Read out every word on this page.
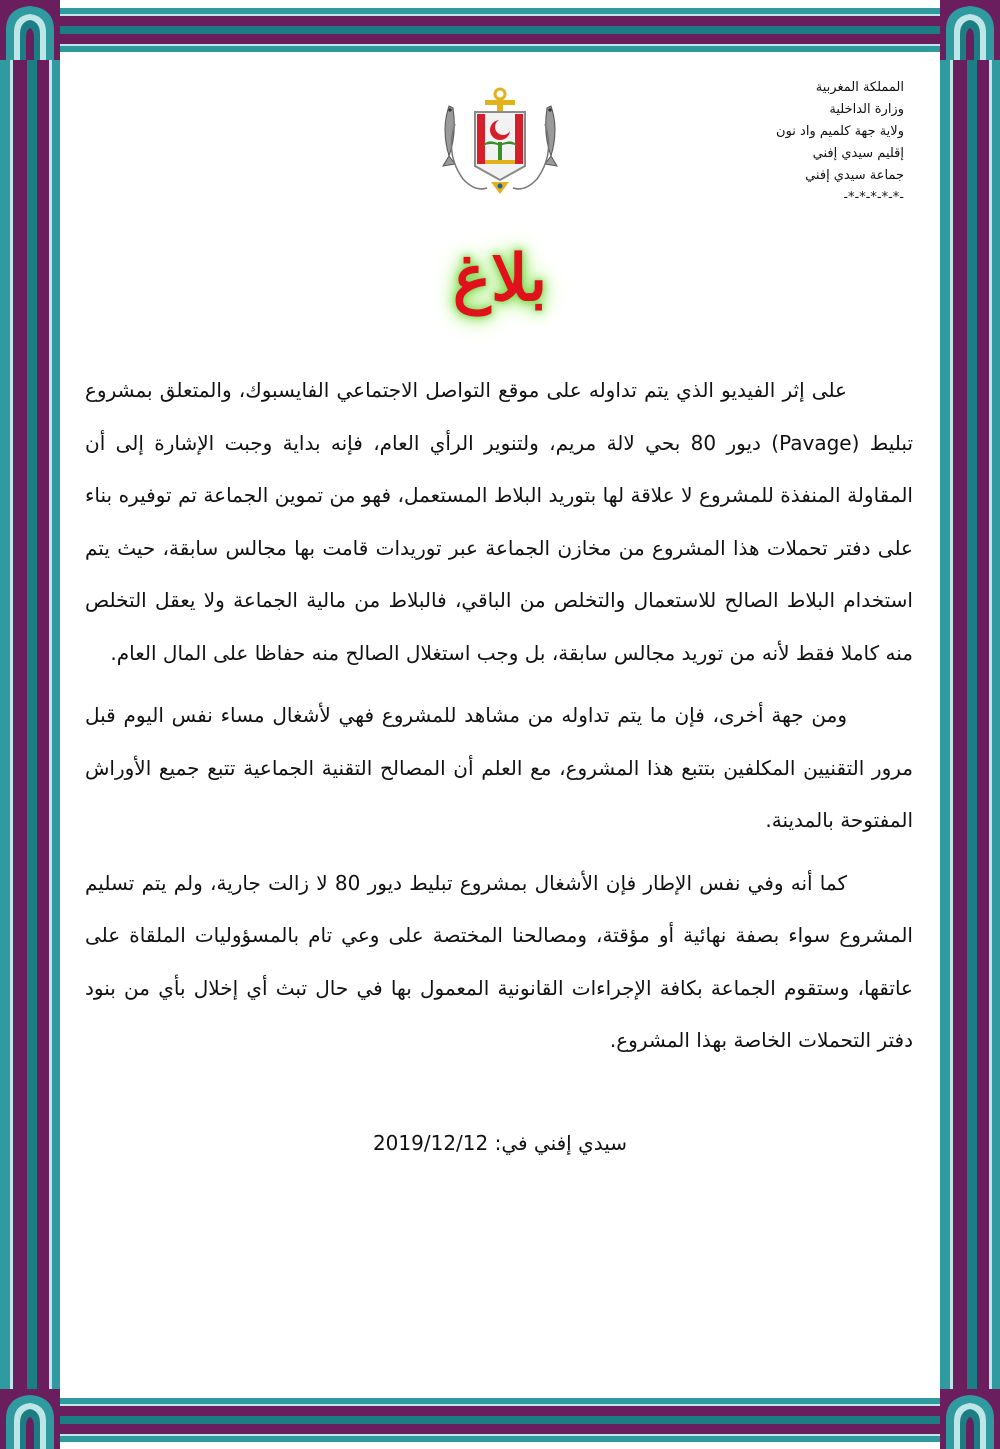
المملكة المغربية
وزارة الداخلية
ولاية جهة كلميم واد نون
إقليم سيدي إفني
جماعة سيدي إفني
-*-*-*-*-*-
بلاغ

على إثر الفيديو الذي يتم تداوله على موقع التواصل الاجتماعي الفايسبوك، والمتعلق بمشروع تبليط (Pavage) ديور 80 بحي لالة مريم، ولتنوير الرأي العام، فإنه بداية وجبت الإشارة إلى أن المقاولة المنفذة للمشروع لا علاقة لها بتوريد البلاط المستعمل، فهو من تموين الجماعة تم توفيره بناء على دفتر تحملات هذا المشروع من مخازن الجماعة عبر توريدات قامت بها مجالس سابقة، حيث يتم استخدام البلاط الصالح للاستعمال والتخلص من الباقي، فالبلاط من مالية الجماعة ولا يعقل التخلص منه كاملا فقط لأنه من توريد مجالس سابقة، بل وجب استغلال الصالح منه حفاظا على المال العام.

ومن جهة أخرى، فإن ما يتم تداوله من مشاهد للمشروع فهي لأشغال مساء نفس اليوم قبل مرور التقنيين المكلفين بتتبع هذا المشروع، مع العلم أن المصالح التقنية الجماعية تتبع جميع الأوراش المفتوحة بالمدينة.

كما أنه وفي نفس الإطار فإن الأشغال بمشروع تبليط ديور 80 لا زالت جارية، ولم يتم تسليم المشروع سواء بصفة نهائية أو مؤقتة، ومصالحنا المختصة على وعي تام بالمسؤوليات الملقاة على عاتقها، وستقوم الجماعة بكافة الإجراءات القانونية المعمول بها في حال تبث أي إخلال بأي من بنود دفتر التحملات الخاصة بهذا المشروع.

سيدي إفني في: 2019/12/12
